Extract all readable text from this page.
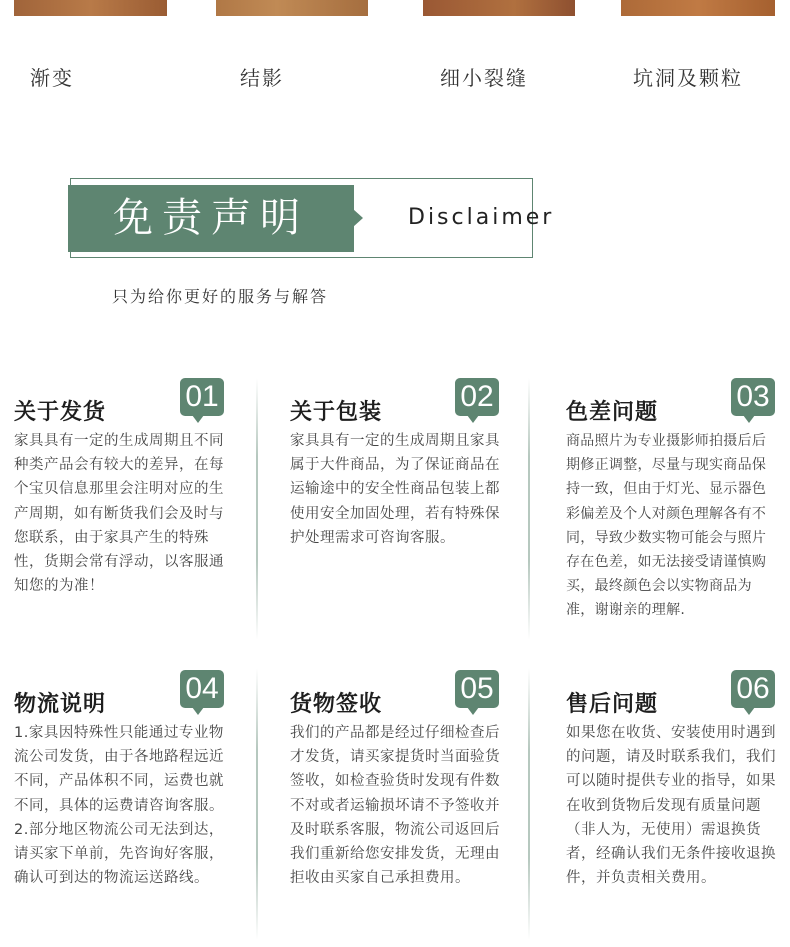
渐变	结影	细小裂缝	坑洞及颗粒
免责声明	Disclaimer
只为给你更好的服务与解答
关于发货	01

家具具有一定的生成周期且不同种类产品会有较大的差异，在每个宝贝信息那里会注明对应的生产周期，如有断货我们会及时与您联系，由于家具产生的特殊性，货期会常有浮动，以客服通知您的为准！

关于包装	02

家具具有一定的生成周期且家具属于大件商品，为了保证商品在运输途中的安全性商品包装上都使用安全加固处理，若有特殊保护处理需求可咨询客服。

色差问题	03

商品照片为专业摄影师拍摄后后期修正调整，尽量与现实商品保持一致，但由于灯光、显示器色彩偏差及个人对颜色理解各有不同，导致少数实物可能会与照片存在色差，如无法接受请谨慎购买，最终颜色会以实物商品为准，谢谢亲的理解.

物流说明	04

1.家具因特殊性只能通过专业物流公司发货，由于各地路程远近不同，产品体积不同，运费也就不同，具体的运费请咨询客服。
2.部分地区物流公司无法到达，请买家下单前，先咨询好客服，确认可到达的物流运送路线。

货物签收	05

我们的产品都是经过仔细检查后才发货，请买家提货时当面验货签收，如检查验货时发现有件数不对或者运输损坏请不予签收并及时联系客服，物流公司返回后我们重新给您安排发货，无理由拒收由买家自己承担费用。

售后问题	06

如果您在收货、安装使用时遇到的问题，请及时联系我们，我们可以随时提供专业的指导，如果在收到货物后发现有质量问题（非人为，无使用）需退换货者，经确认我们无条件接收退换件，并负责相关费用。
